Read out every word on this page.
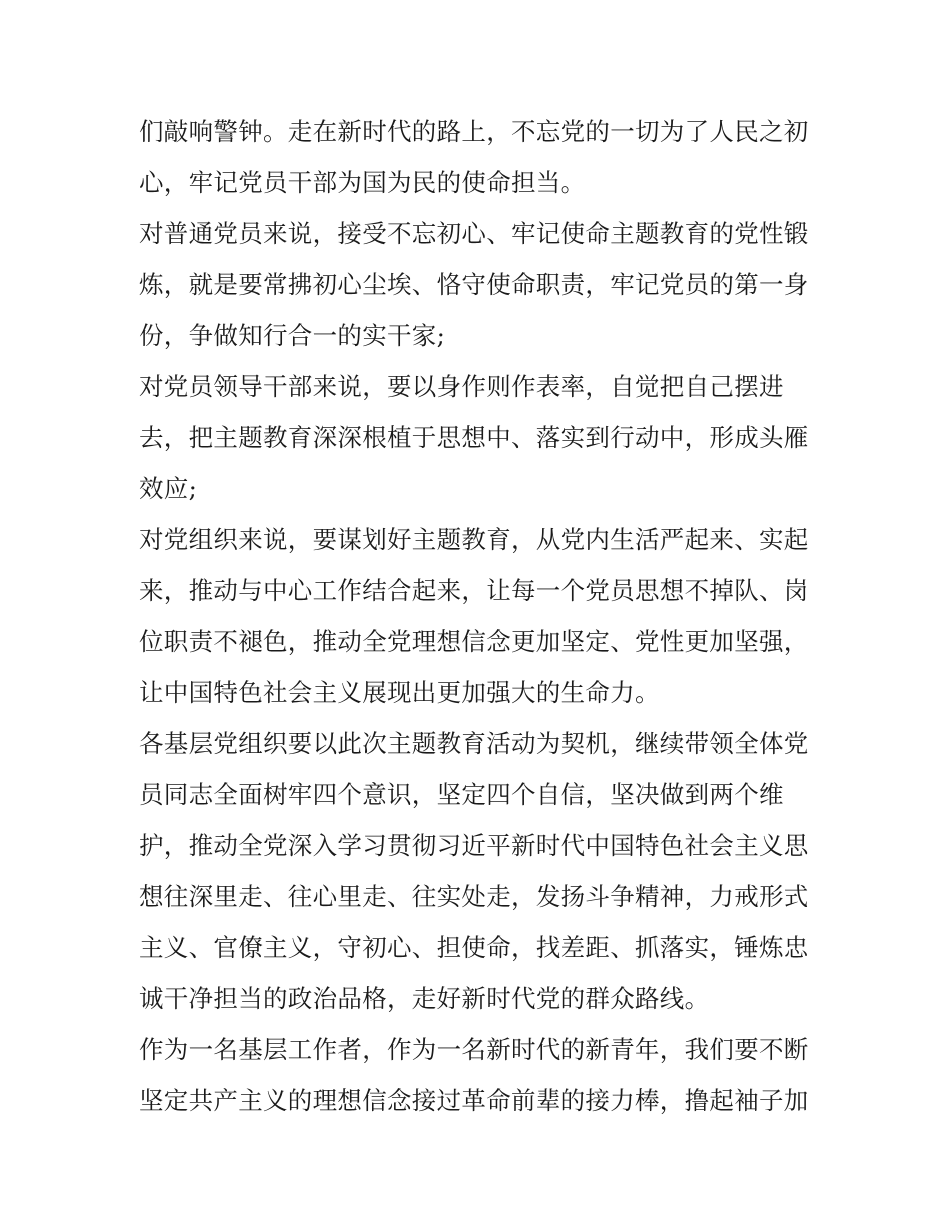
们敲响警钟。走在新时代的路上，不忘党的一切为了人民之初
心，牢记党员干部为国为民的使命担当。
对普通党员来说，接受不忘初心、牢记使命主题教育的党性锻
炼，就是要常拂初心尘埃、恪守使命职责，牢记党员的第一身
份，争做知行合一的实干家;
对党员领导干部来说，要以身作则作表率，自觉把自己摆进
去，把主题教育深深根植于思想中、落实到行动中，形成头雁
效应;
对党组织来说，要谋划好主题教育，从党内生活严起来、实起
来，推动与中心工作结合起来，让每一个党员思想不掉队、岗
位职责不褪色，推动全党理想信念更加坚定、党性更加坚强，
让中国特色社会主义展现出更加强大的生命力。
各基层党组织要以此次主题教育活动为契机，继续带领全体党
员同志全面树牢四个意识，坚定四个自信，坚决做到两个维
护，推动全党深入学习贯彻习近平新时代中国特色社会主义思
想往深里走、往心里走、往实处走，发扬斗争精神，力戒形式
主义、官僚主义，守初心、担使命，找差距、抓落实，锤炼忠
诚干净担当的政治品格，走好新时代党的群众路线。
作为一名基层工作者，作为一名新时代的新青年，我们要不断
坚定共产主义的理想信念接过革命前辈的接力棒，撸起袖子加
